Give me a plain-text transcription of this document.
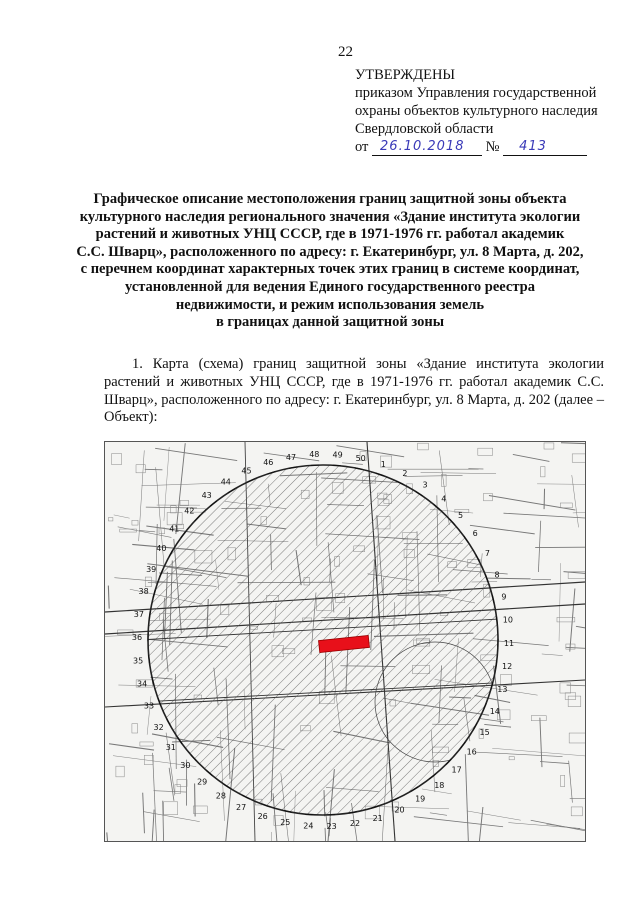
22
УТВЕРЖДЕНЫ
приказом Управления государственной
охраны объектов культурного наследия
Свердловской области
от 26.10.2018 № 413
Графическое описание местоположения границ защитной зоны объекта
культурного наследия регионального значения «Здание института экологии
растений и животных УНЦ СССР, где в 1971-1976 гг. работал академик
С.С. Шварц», расположенного по адресу: г. Екатеринбург, ул. 8 Марта, д. 202,
с перечнем координат характерных точек этих границ в системе координат,
установленной для ведения Единого государственного реестра
недвижимости, и режим использования земель
в границах данной защитной зоны
1. Карта (схема) границ защитной зоны «Здание института экологии растений и животных УНЦ СССР, где в 1971-1976 гг. работал академик С.С. Шварц», расположенного по адресу: г. Екатеринбург, ул. 8 Марта, д. 202 (далее – Объект):
1
2
3
4
5
6
7
8
9
10
11
12
13
14
15
16
17
18
19
20
21
22
23
24
25
26
27
28
29
30
31
32
33
34
35
36
37
38
39
40
41
42
43
44
45
46
47 48 49 50
